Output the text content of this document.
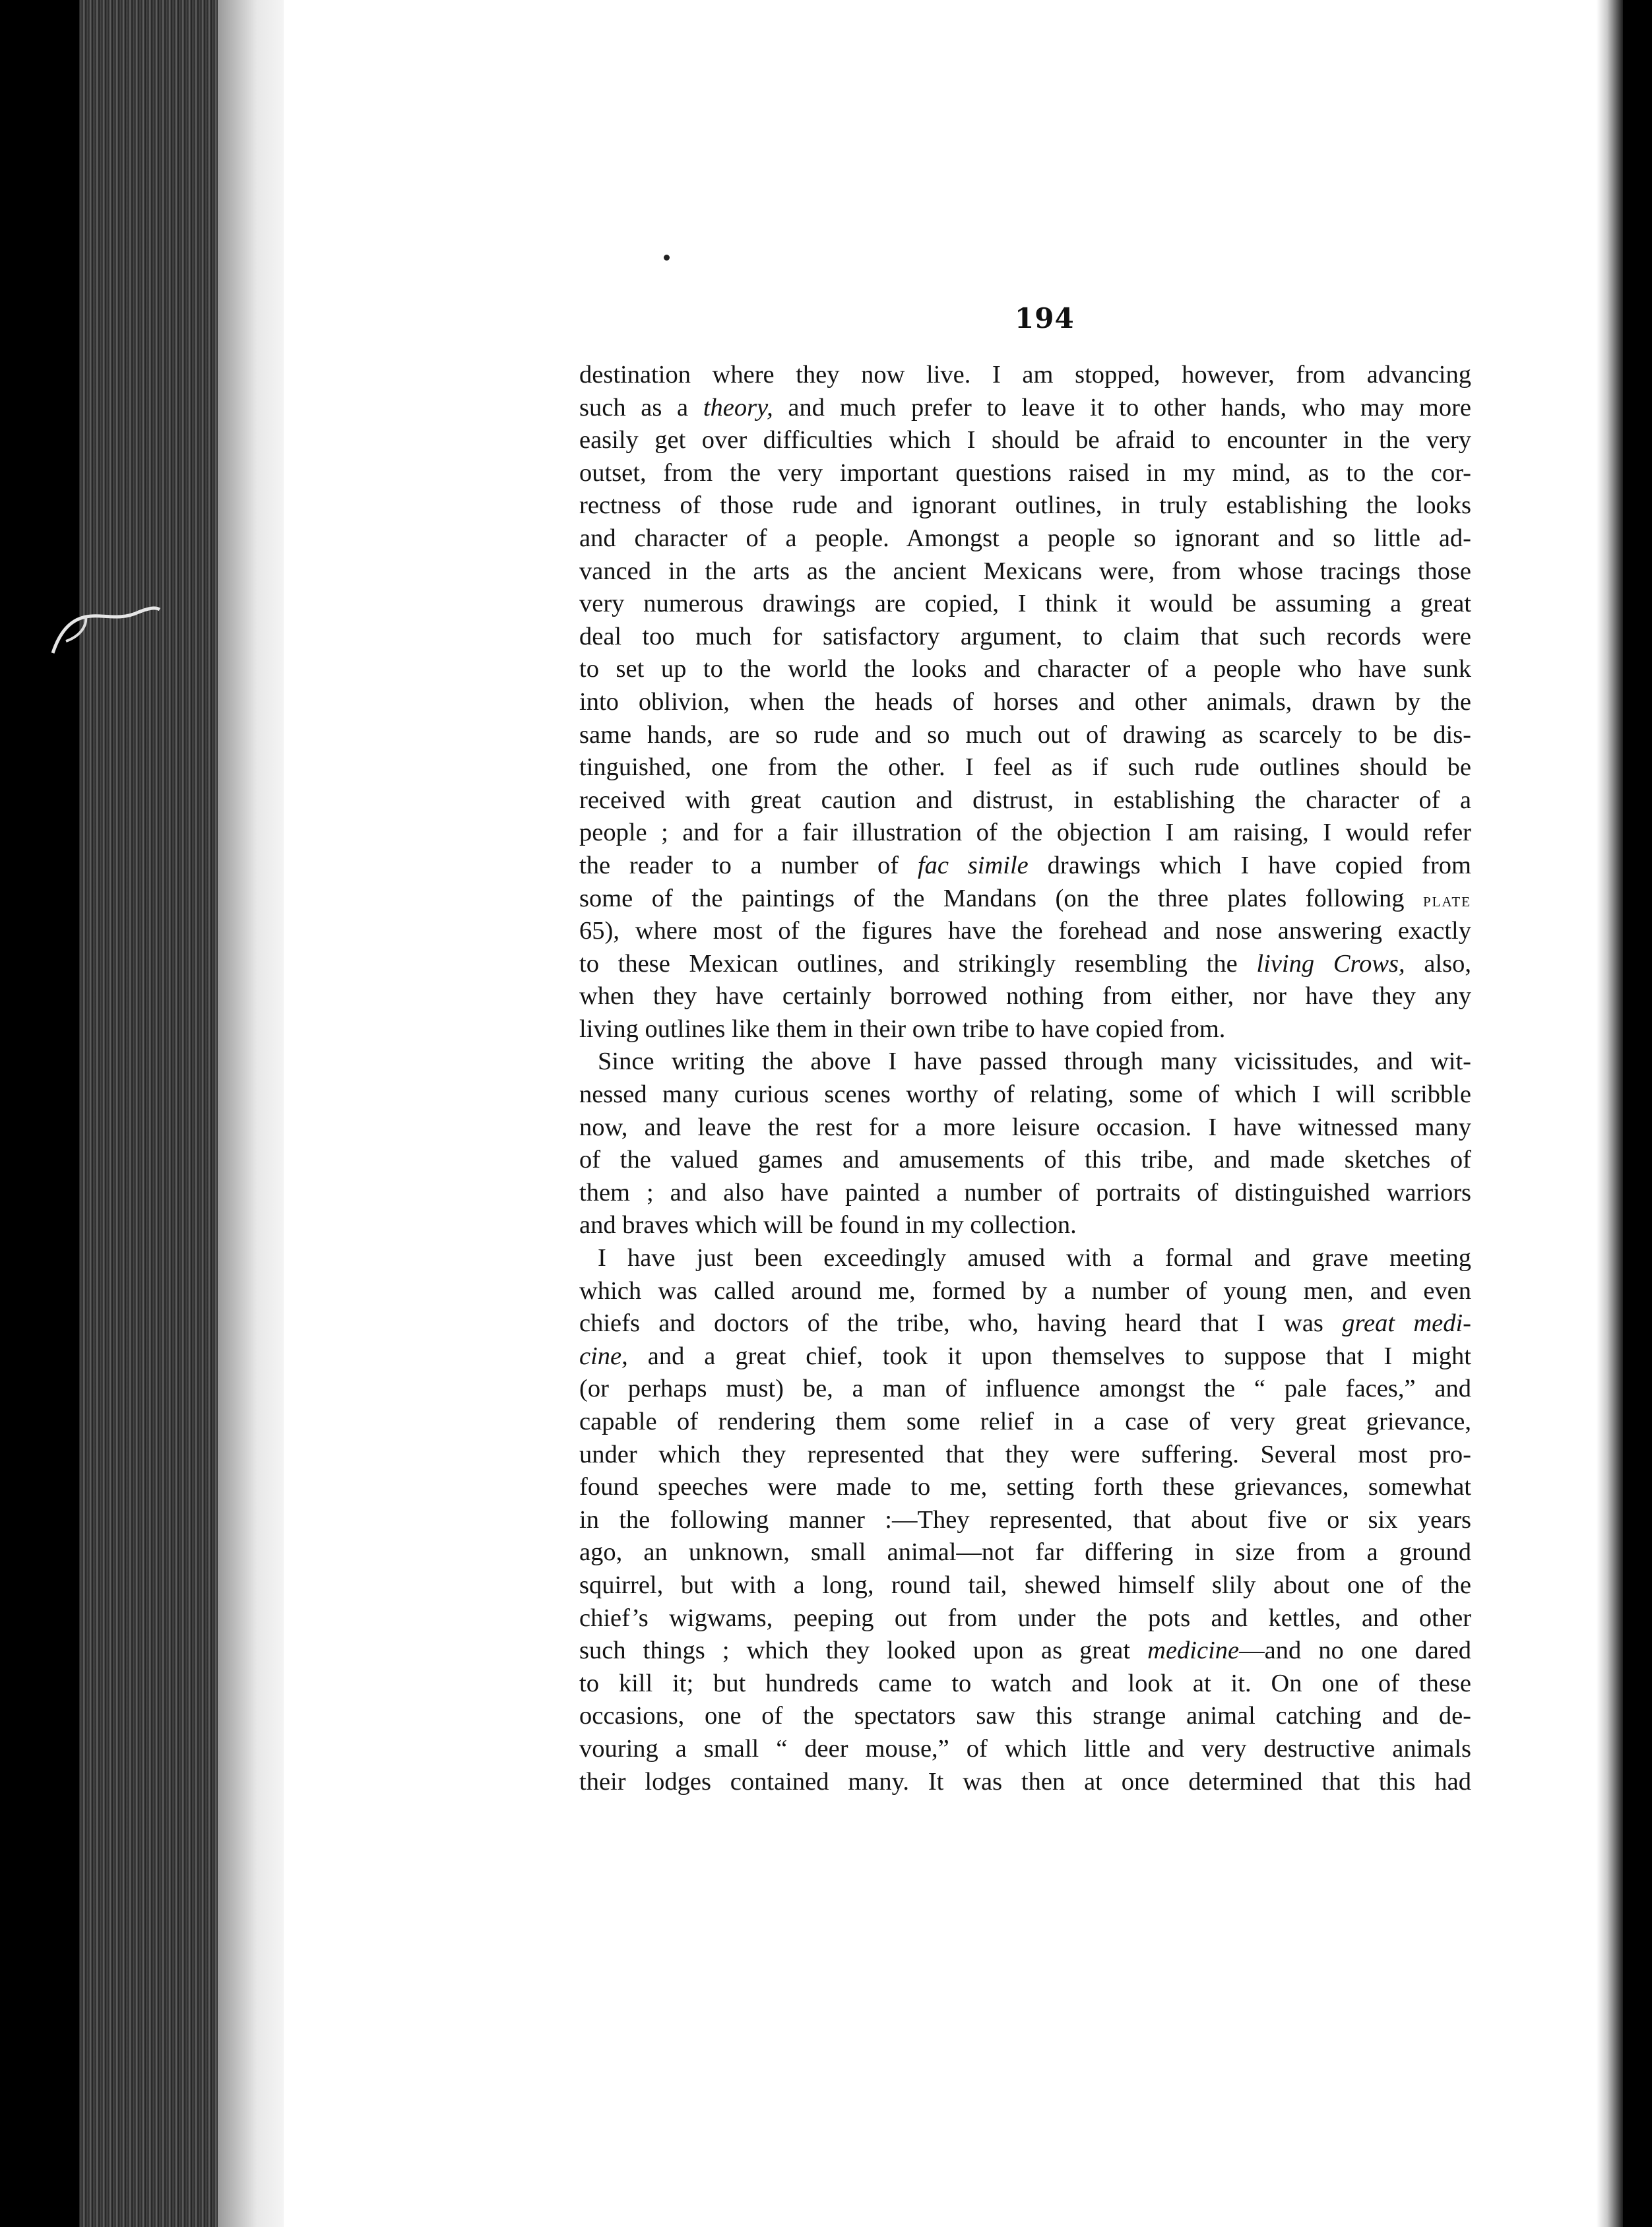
194
destination where they now live. I am stopped, however, from advancing
such as a theory, and much prefer to leave it to other hands, who may more
easily get over difficulties which I should be afraid to encounter in the very
outset, from the very important questions raised in my mind, as to the cor-
rectness of those rude and ignorant outlines, in truly establishing the looks
and character of a people. Amongst a people so ignorant and so little ad-
vanced in the arts as the ancient Mexicans were, from whose tracings those
very numerous drawings are copied, I think it would be assuming a great
deal too much for satisfactory argument, to claim that such records were
to set up to the world the looks and character of a people who have sunk
into oblivion, when the heads of horses and other animals, drawn by the
same hands, are so rude and so much out of drawing as scarcely to be dis-
tinguished, one from the other. I feel as if such rude outlines should be
received with great caution and distrust, in establishing the character of a
people ; and for a fair illustration of the objection I am raising, I would refer
the reader to a number of fac simile drawings which I have copied from
some of the paintings of the Mandans (on the three plates following plate
65), where most of the figures have the forehead and nose answering exactly
to these Mexican outlines, and strikingly resembling the living Crows, also,
when they have certainly borrowed nothing from either, nor have they any
living outlines like them in their own tribe to have copied from.
Since writing the above I have passed through many vicissitudes, and wit-
nessed many curious scenes worthy of relating, some of which I will scribble
now, and leave the rest for a more leisure occasion. I have witnessed many
of the valued games and amusements of this tribe, and made sketches of
them ; and also have painted a number of portraits of distinguished warriors
and braves which will be found in my collection.
I have just been exceedingly amused with a formal and grave meeting
which was called around me, formed by a number of young men, and even
chiefs and doctors of the tribe, who, having heard that I was great medi-
cine, and a great chief, took it upon themselves to suppose that I might
(or perhaps must) be, a man of influence amongst the “ pale faces,” and
capable of rendering them some relief in a case of very great grievance,
under which they represented that they were suffering. Several most pro-
found speeches were made to me, setting forth these grievances, somewhat
in the following manner :—They represented, that about five or six years
ago, an unknown, small animal—not far differing in size from a ground
squirrel, but with a long, round tail, shewed himself slily about one of the
chief’s wigwams, peeping out from under the pots and kettles, and other
such things ; which they looked upon as great medicine—and no one dared
to kill it; but hundreds came to watch and look at it. On one of these
occasions, one of the spectators saw this strange animal catching and de-
vouring a small “ deer mouse,” of which little and very destructive animals
their lodges contained many. It was then at once determined that this had
